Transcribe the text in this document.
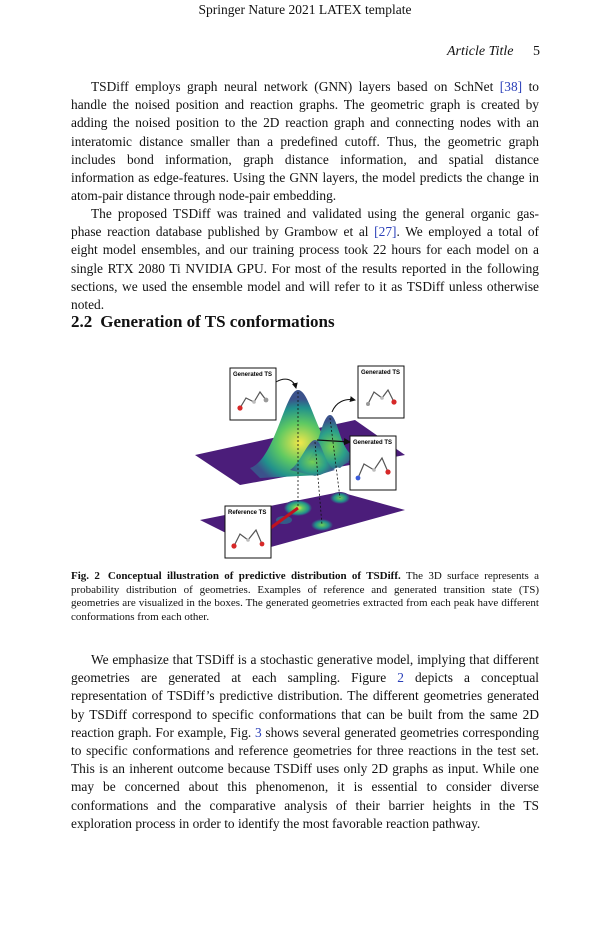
Springer Nature 2021 LATEX template
Article Title 5

TSDiff employs graph neural network (GNN) layers based on SchNet [38] to handle the noised position and reaction graphs. The geometric graph is created by adding the noised position to the 2D reaction graph and connecting nodes with an interatomic distance smaller than a predefined cutoff. Thus, the geometric graph includes bond information, graph distance information, and spatial distance information as edge-features. Using the GNN layers, the model predicts the change in atom-pair distance through node-pair embedding.

The proposed TSDiff was trained and validated using the general organic gas-phase reaction database published by Grambow et al [27]. We employed a total of eight model ensembles, and our training process took 22 hours for each model on a single RTX 2080 Ti NVIDIA GPU. For most of the results reported in the following sections, we used the ensemble model and will refer to it as TSDiff unless otherwise noted.

2.2 Generation of TS conformations
Generated TS	Generated TS
Generated TS
Reference TS

Fig. 2 Conceptual illustration of predictive distribution of TSDiff. The 3D surface represents a probability distribution of geometries. Examples of reference and generated transition state (TS) geometries are visualized in the boxes. The generated geometries extracted from each peak have different conformations from each other.

We emphasize that TSDiff is a stochastic generative model, implying that different geometries are generated at each sampling. Figure 2 depicts a conceptual representation of TSDiff’s predictive distribution. The different geometries generated by TSDiff correspond to specific conformations that can be built from the same 2D reaction graph. For example, Fig. 3 shows several generated geometries corresponding to specific conformations and reference geometries for three reactions in the test set. This is an inherent outcome because TSDiff uses only 2D graphs as input. While one may be concerned about this phenomenon, it is essential to consider diverse conformations and the comparative analysis of their barrier heights in the TS exploration process in order to identify the most favorable reaction pathway.
